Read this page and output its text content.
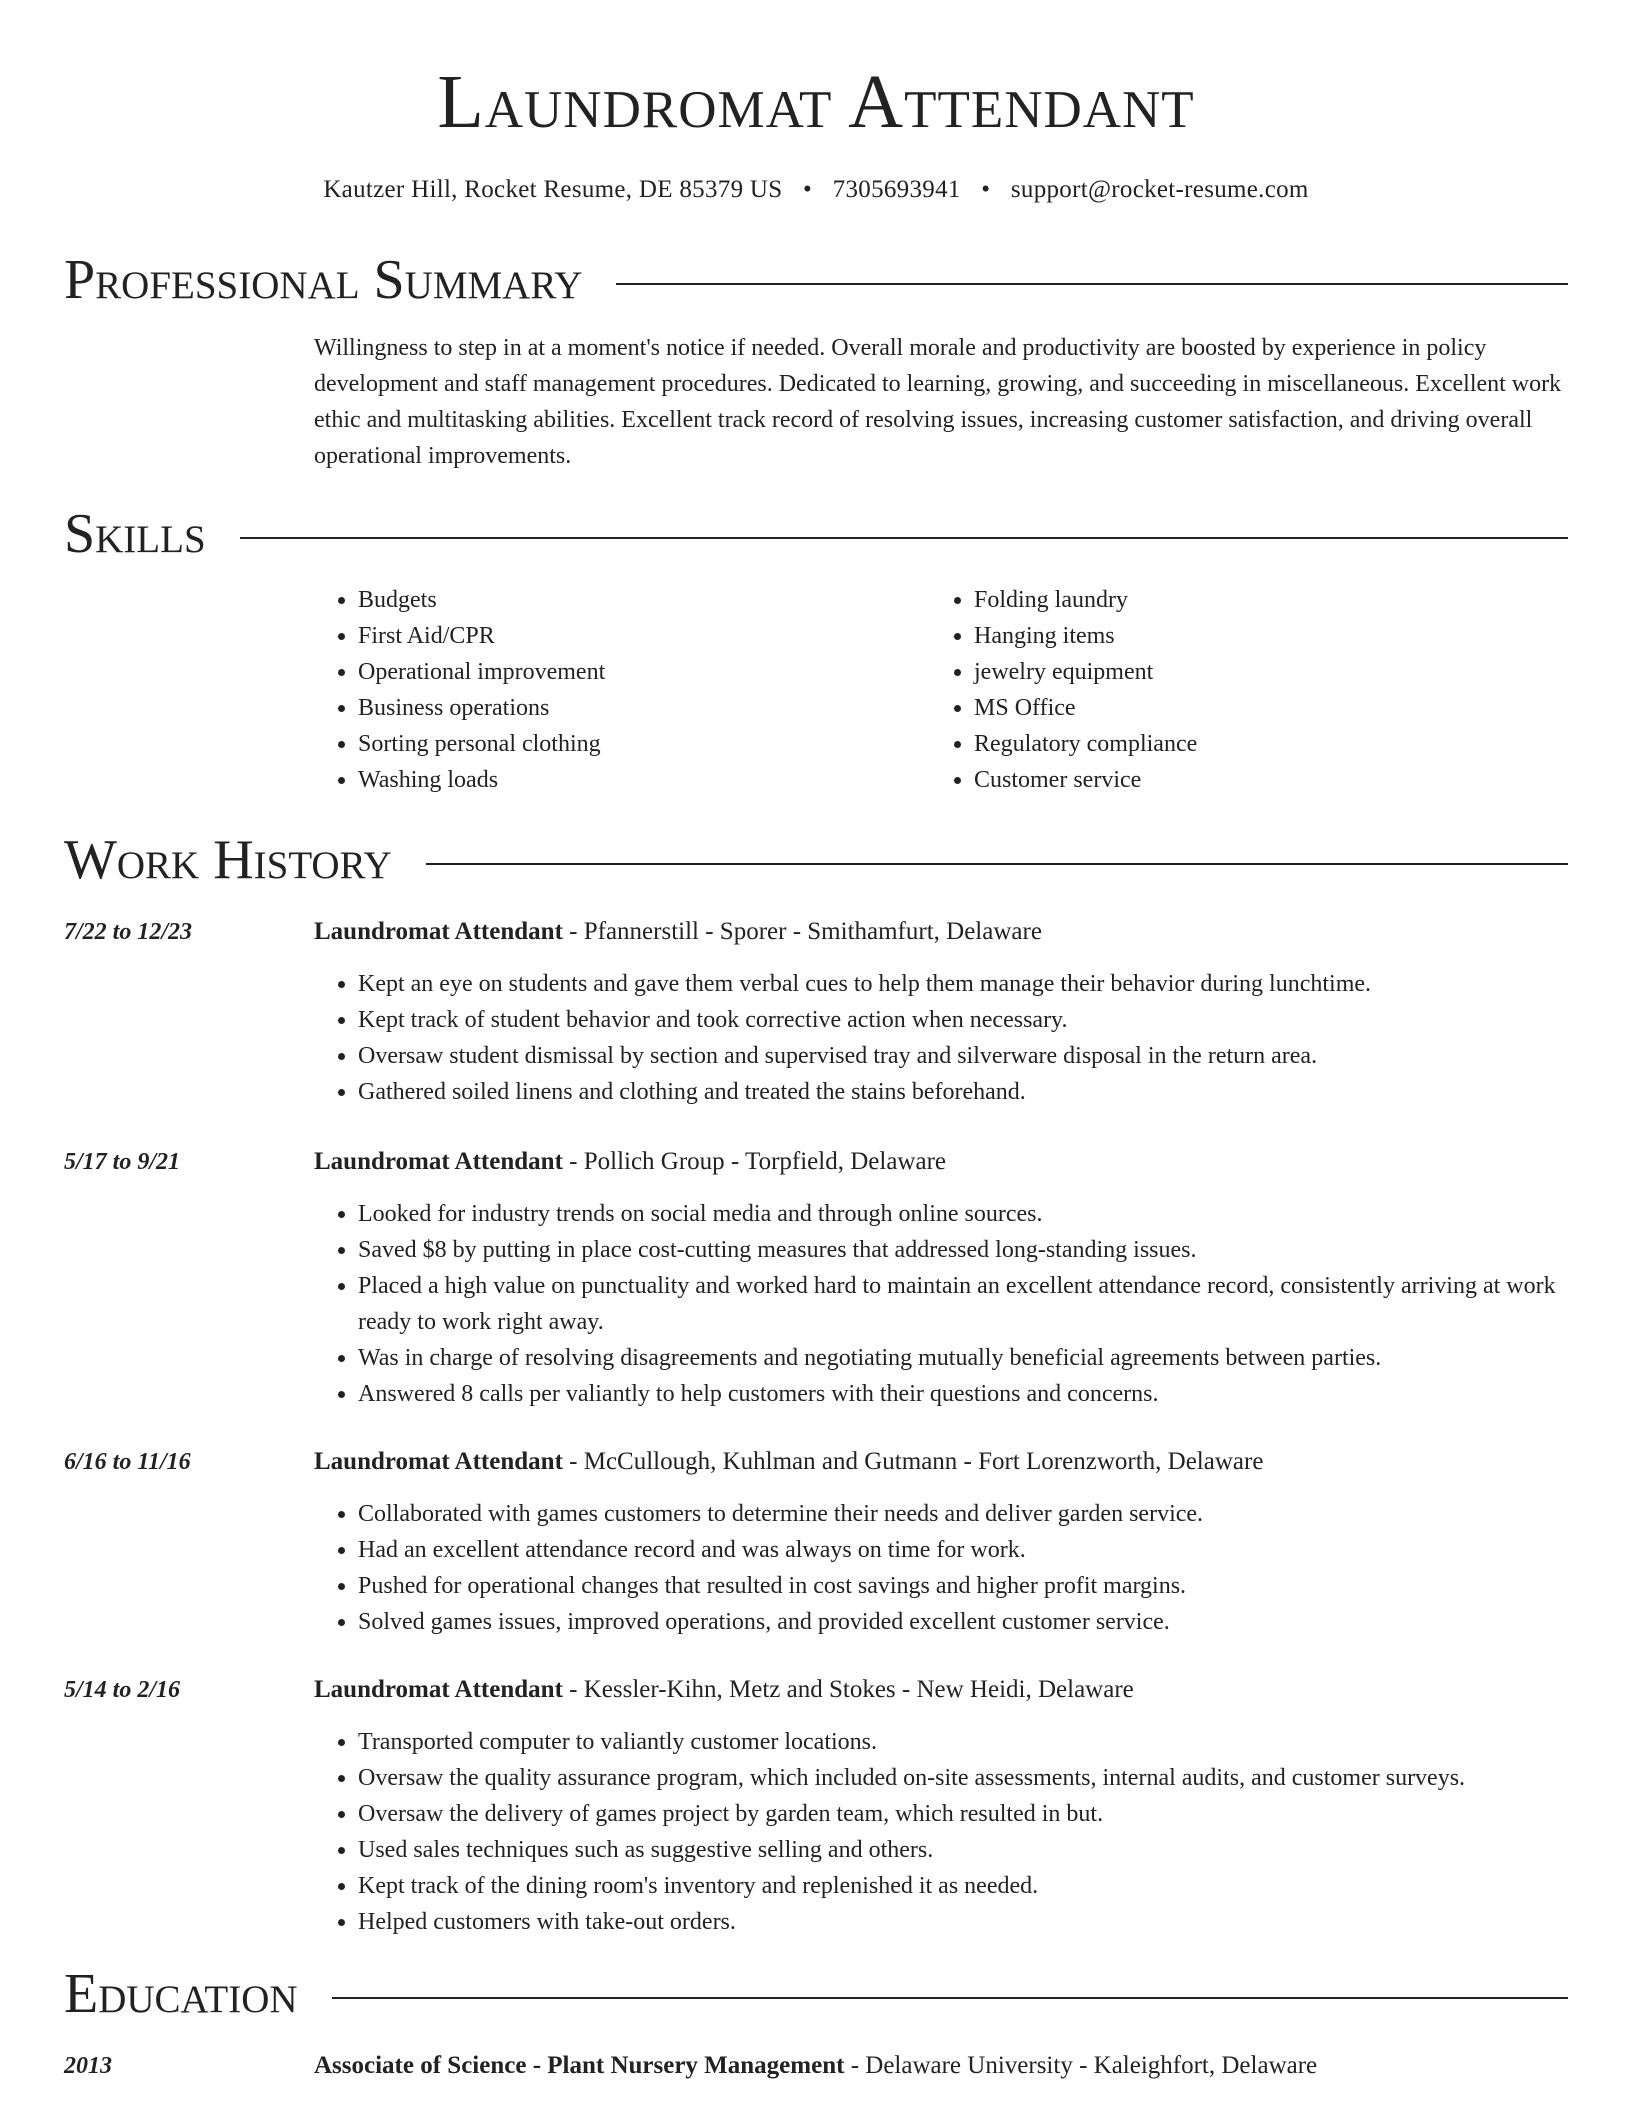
Laundromat Attendant
Kautzer Hill, Rocket Resume, DE 85379 US • 7305693941 • support@rocket-resume.com
Professional Summary
Willingness to step in at a moment's notice if needed. Overall morale and productivity are boosted by experience in policy development and staff management procedures. Dedicated to learning, growing, and succeeding in miscellaneous. Excellent work ethic and multitasking abilities. Excellent track record of resolving issues, increasing customer satisfaction, and driving overall operational improvements.
Skills
• Budgets
• First Aid/CPR
• Operational improvement
• Business operations
• Sorting personal clothing
• Washing loads
• Folding laundry
• Hanging items
• jewelry equipment
• MS Office
• Regulatory compliance
• Customer service
Work History
7/22 to 12/23	Laundromat Attendant - Pfannerstill - Sporer - Smithamfurt, Delaware
• Kept an eye on students and gave them verbal cues to help them manage their behavior during lunchtime.
• Kept track of student behavior and took corrective action when necessary.
• Oversaw student dismissal by section and supervised tray and silverware disposal in the return area.
• Gathered soiled linens and clothing and treated the stains beforehand.
5/17 to 9/21	Laundromat Attendant - Pollich Group - Torpfield, Delaware
• Looked for industry trends on social media and through online sources.
• Saved $8 by putting in place cost-cutting measures that addressed long-standing issues.
• Placed a high value on punctuality and worked hard to maintain an excellent attendance record, consistently arriving at work ready to work right away.
• Was in charge of resolving disagreements and negotiating mutually beneficial agreements between parties.
• Answered 8 calls per valiantly to help customers with their questions and concerns.
6/16 to 11/16	Laundromat Attendant - McCullough, Kuhlman and Gutmann - Fort Lorenzworth, Delaware
• Collaborated with games customers to determine their needs and deliver garden service.
• Had an excellent attendance record and was always on time for work.
• Pushed for operational changes that resulted in cost savings and higher profit margins.
• Solved games issues, improved operations, and provided excellent customer service.
5/14 to 2/16	Laundromat Attendant - Kessler-Kihn, Metz and Stokes - New Heidi, Delaware
• Transported computer to valiantly customer locations.
• Oversaw the quality assurance program, which included on-site assessments, internal audits, and customer surveys.
• Oversaw the delivery of games project by garden team, which resulted in but.
• Used sales techniques such as suggestive selling and others.
• Kept track of the dining room's inventory and replenished it as needed.
• Helped customers with take-out orders.
Education
2013	Associate of Science - Plant Nursery Management - Delaware University - Kaleighfort, Delaware
